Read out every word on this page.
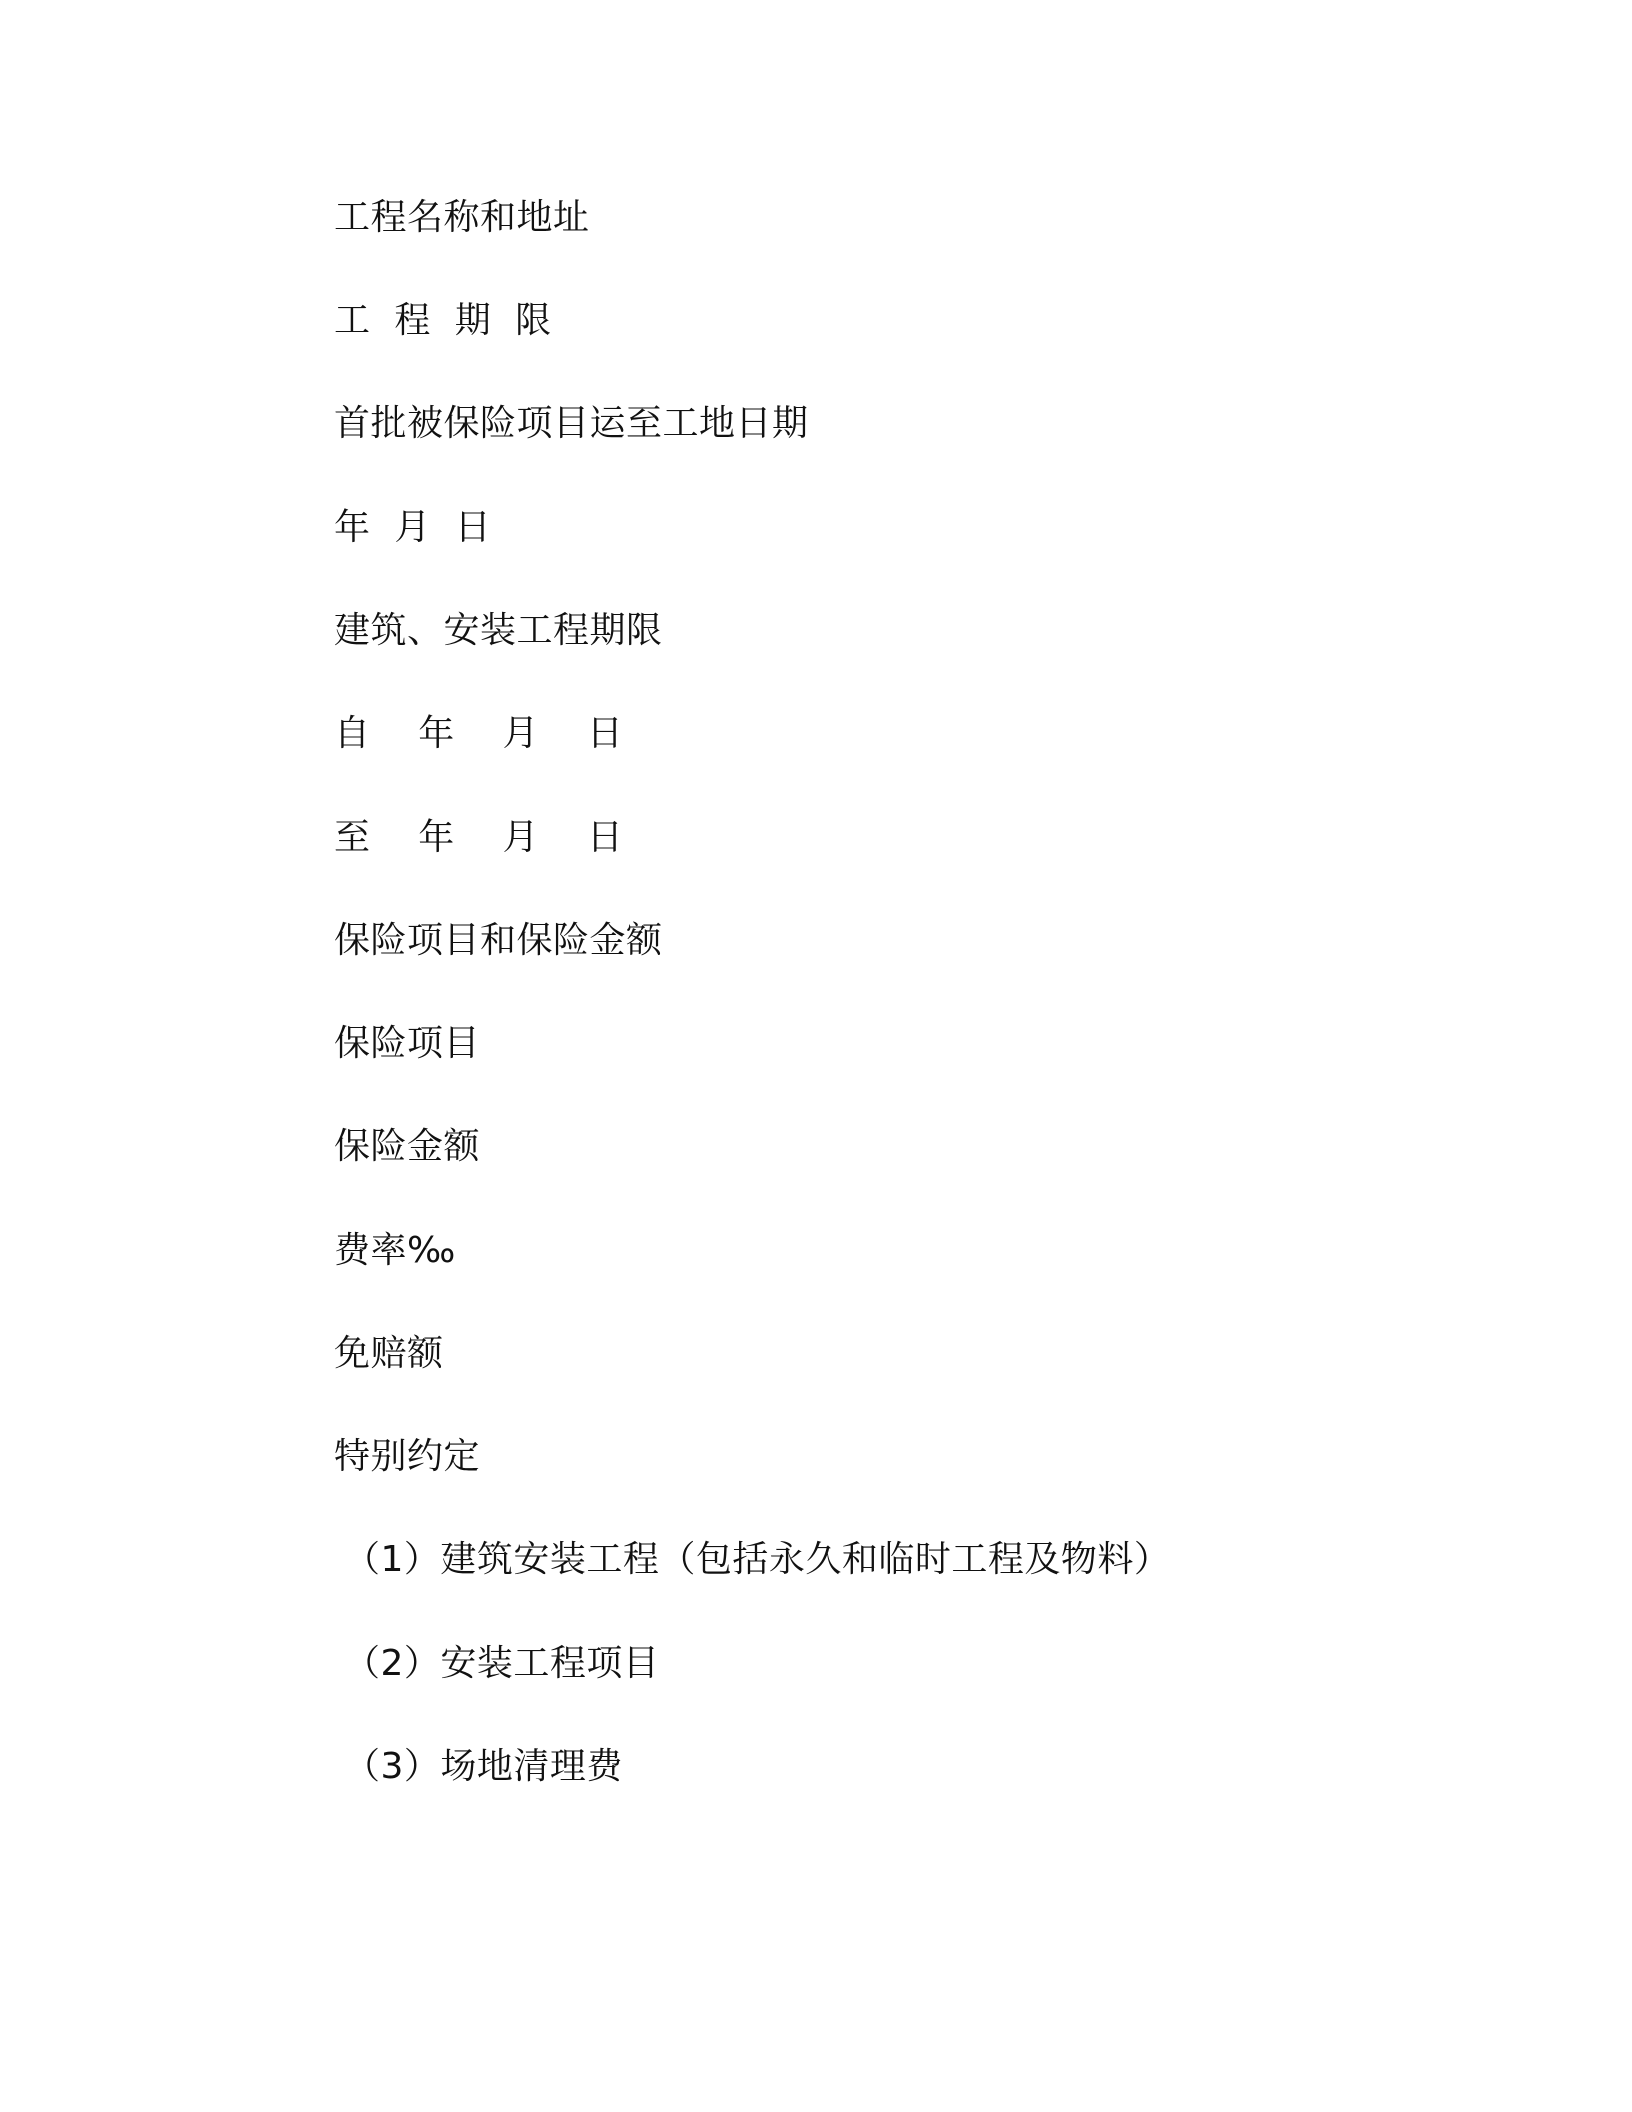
工程名称和地址
工  程  期  限
首批被保险项目运至工地日期
年  月  日
建筑、安装工程期限
自    年    月    日
至    年    月    日
保险项目和保险金额
保险项目
保险金额
费率‰
免赔额
特别约定
（1）建筑安装工程（包括永久和临时工程及物料）
（2）安装工程项目
（3）场地清理费
